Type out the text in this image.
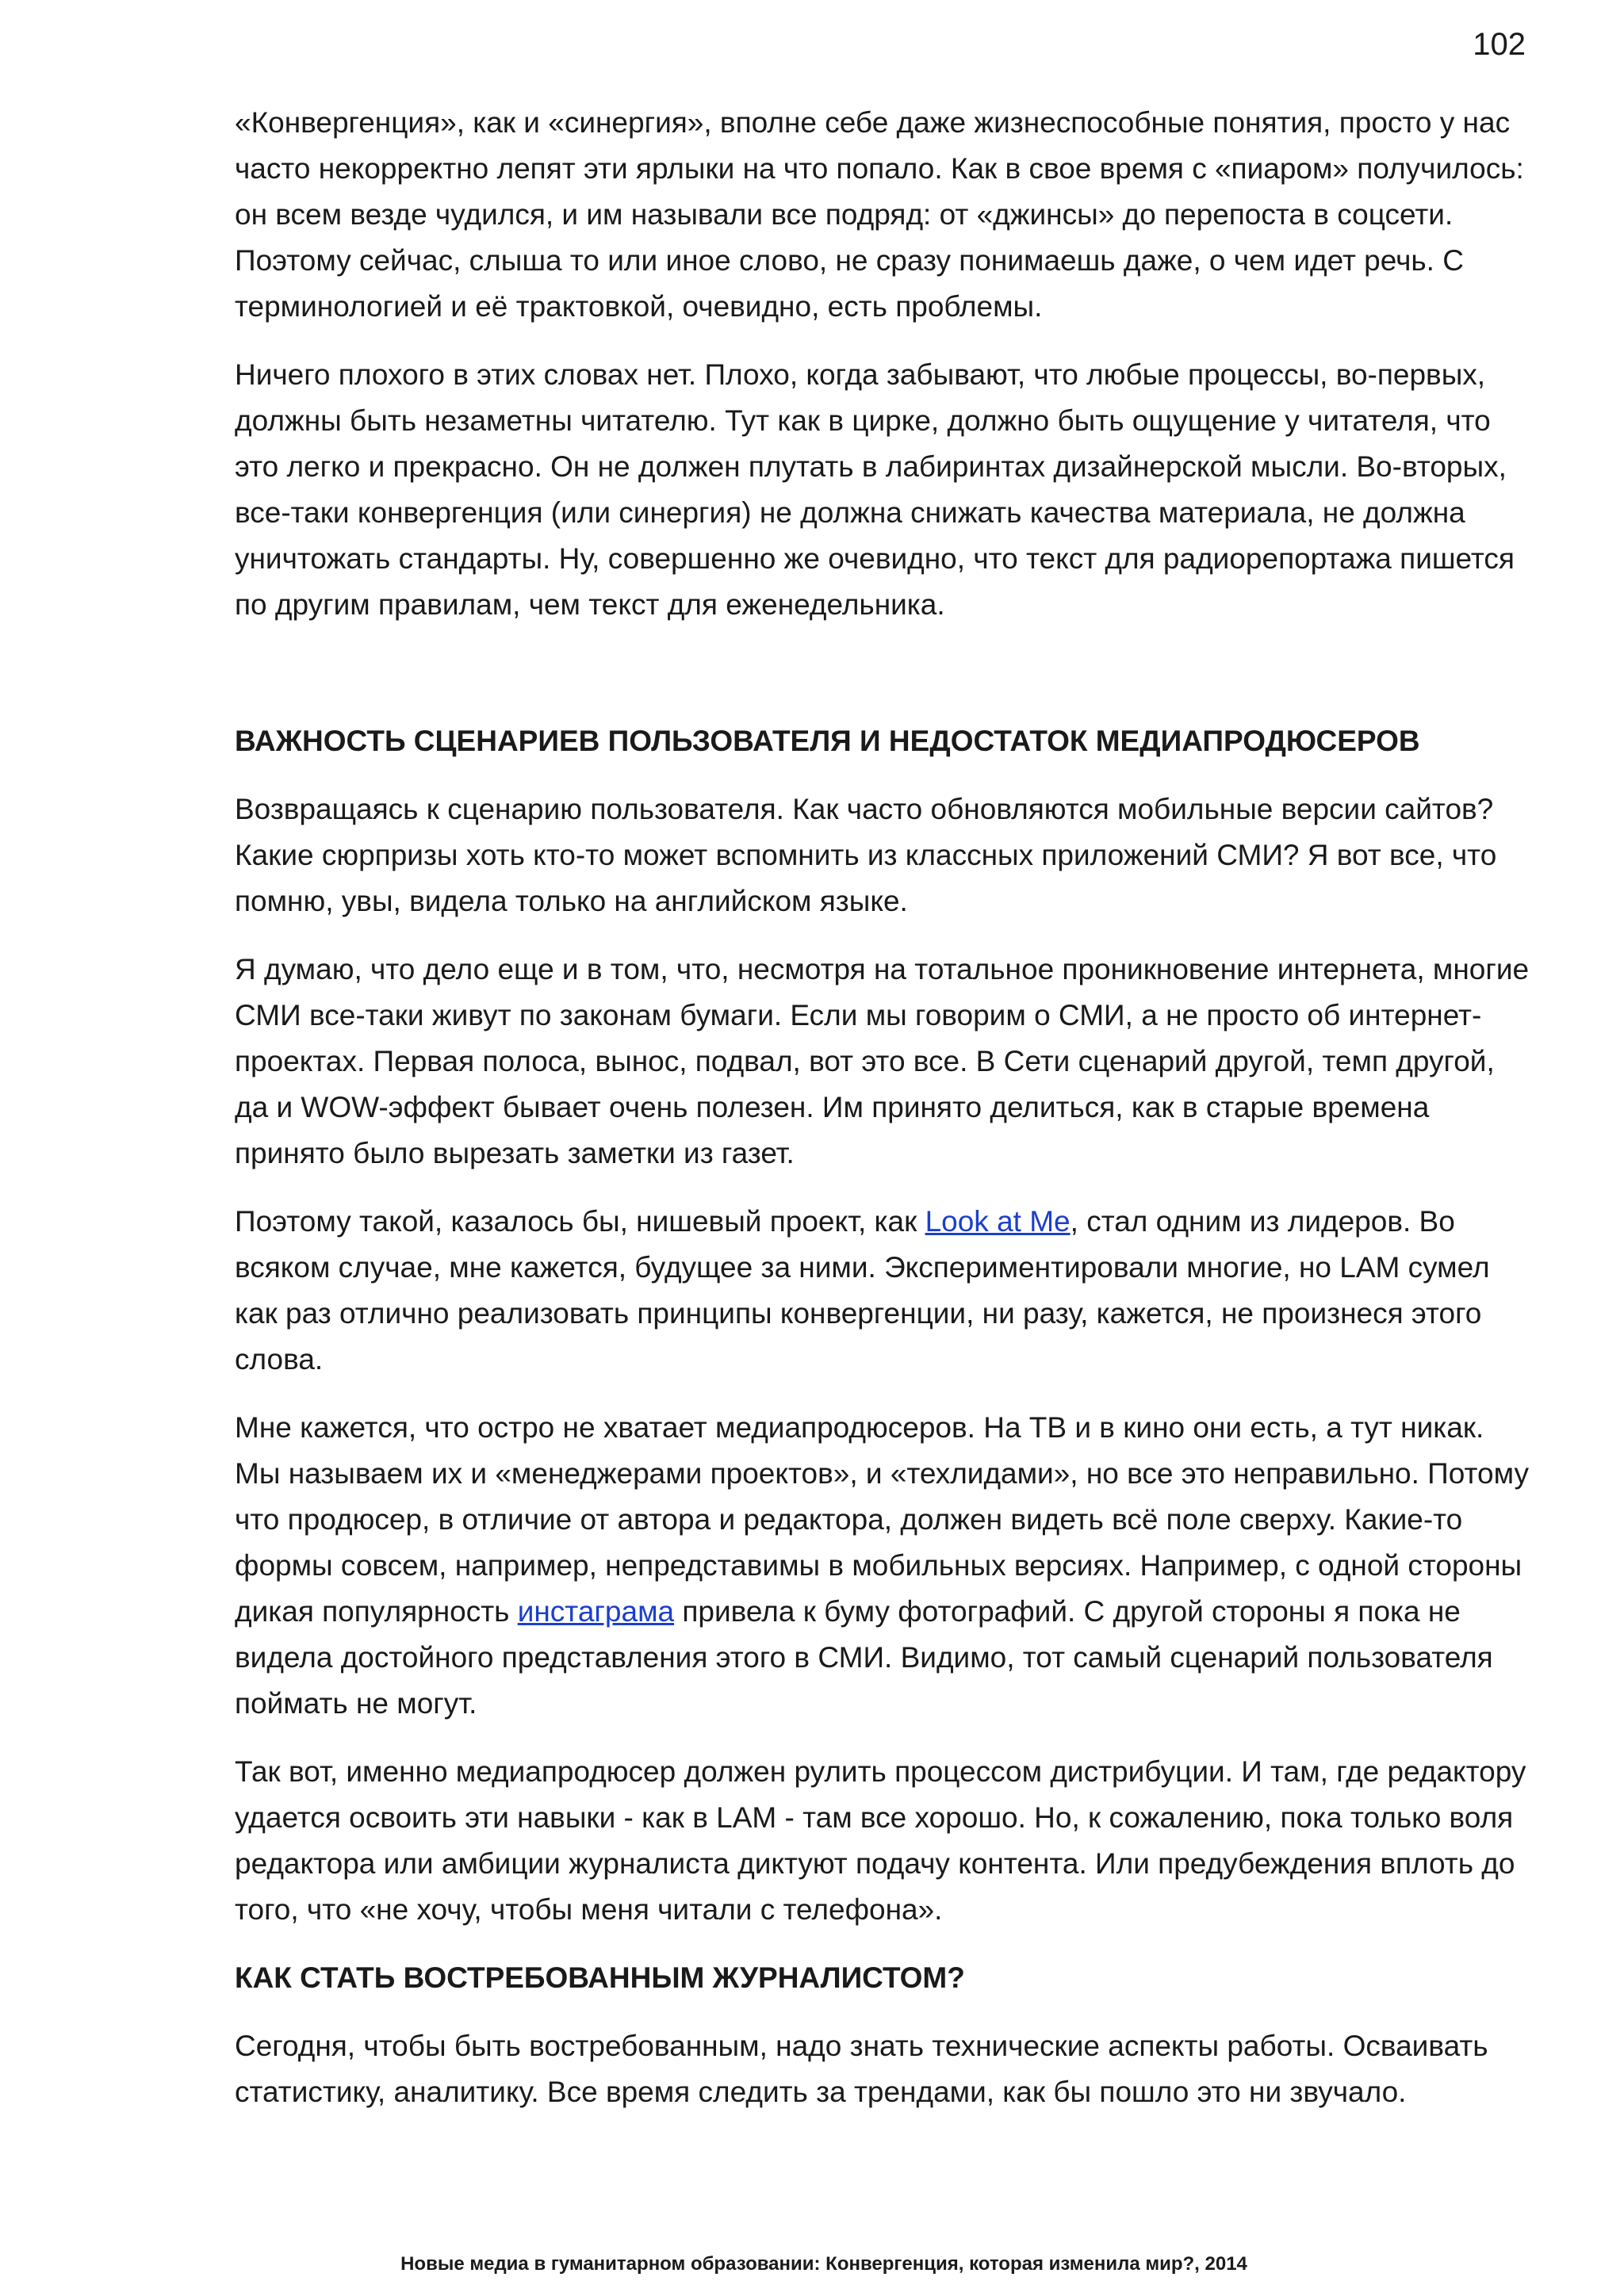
102

«Конвергенция», как и «синергия», вполне себе даже жизнеспособные понятия, просто у нас часто некорректно лепят эти ярлыки на что попало. Как в свое время с «пиаром» получилось: он всем везде чудился, и им называли все подряд: от «джинсы» до перепоста в соцсети. Поэтому сейчас, слыша то или иное слово, не сразу понимаешь даже, о чем идет речь. С терминологией и её трактовкой, очевидно, есть проблемы.

Ничего плохого в этих словах нет. Плохо, когда забывают, что любые процессы, во-первых, должны быть незаметны читателю. Тут как в цирке, должно быть ощущение у читателя, что это легко и прекрасно. Он не должен плутать в лабиринтах дизайнерской мысли. Во-вторых, все-таки конвергенция (или синергия) не должна снижать качества материала, не должна уничтожать стандарты. Ну, совершенно же очевидно, что текст для радиорепортажа пишется по другим правилам, чем текст для еженедельника.

ВАЖНОСТЬ СЦЕНАРИЕВ ПОЛЬЗОВАТЕЛЯ И НЕДОСТАТОК МЕДИАПРОДЮСЕРОВ

Возвращаясь к сценарию пользователя. Как часто обновляются мобильные версии сайтов? Какие сюрпризы хоть кто-то может вспомнить из классных приложений СМИ? Я вот все, что помню, увы, видела только на английском языке.

Я думаю, что дело еще и в том, что, несмотря на тотальное проникновение интернета, многие СМИ все-таки живут по законам бумаги. Если мы говорим о СМИ, а не просто об интернет-проектах. Первая полоса, вынос, подвал, вот это все. В Сети сценарий другой, темп другой, да и WOW-эффект бывает очень полезен. Им принято делиться, как в старые времена принято было вырезать заметки из газет.

Поэтому такой, казалось бы, нишевый проект, как Look at Me, стал одним из лидеров. Во всяком случае, мне кажется, будущее за ними. Экспериментировали многие, но LAM сумел как раз отлично реализовать принципы конвергенции, ни разу, кажется, не произнеся этого слова.

Мне кажется, что остро не хватает медиапродюсеров. На ТВ и в кино они есть, а тут никак. Мы называем их и «менеджерами проектов», и «техлидами», но все это неправильно. Потому что продюсер, в отличие от автора и редактора, должен видеть всё поле сверху. Какие-то формы совсем, например, непредставимы в мобильных версиях. Например, с одной стороны дикая популярность инстаграма привела к буму фотографий. С другой стороны я пока не видела достойного представления этого в СМИ. Видимо, тот самый сценарий пользователя поймать не могут.

Так вот, именно медиапродюсер должен рулить процессом дистрибуции. И там, где редактору удается освоить эти навыки - как в LAM - там все хорошо. Но, к сожалению, пока только воля редактора или амбиции журналиста диктуют подачу контента. Или предубеждения вплоть до того, что «не хочу, чтобы меня читали с телефона».

КАК СТАТЬ ВОСТРЕБОВАННЫМ ЖУРНАЛИСТОМ?

Сегодня, чтобы быть востребованным, надо знать технические аспекты работы. Осваивать статистику, аналитику. Все время следить за трендами, как бы пошло это ни звучало.

Новые медиа в гуманитарном образовании: Конвергенция, которая изменила мир?, 2014
